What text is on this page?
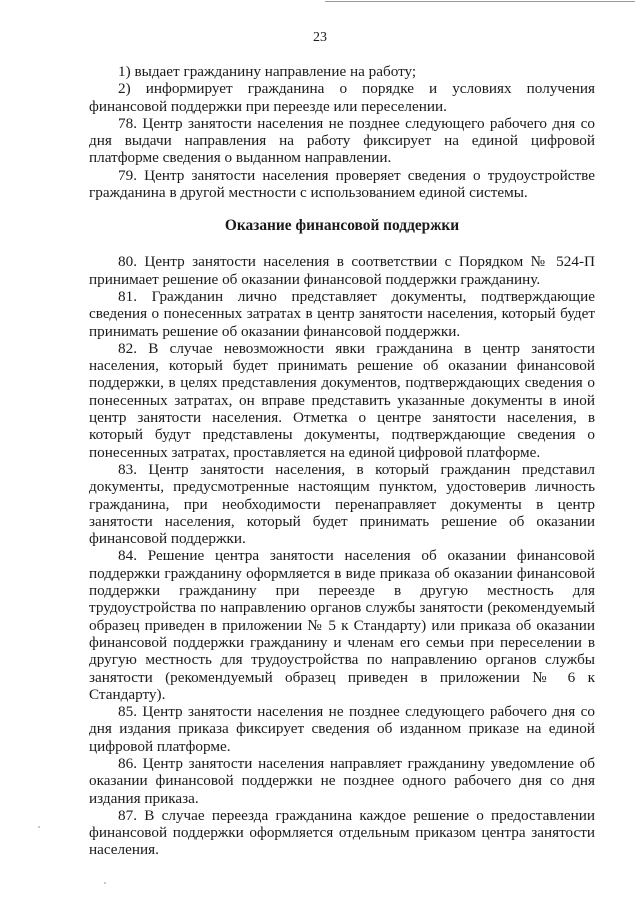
23

1) выдает гражданину направление на работу;

2) информирует гражданина о порядке и условиях получения финансовой поддержки при переезде или переселении.

78. Центр занятости населения не позднее следующего рабочего дня со дня выдачи направления на работу фиксирует на единой цифровой платформе сведения о выданном направлении.

79. Центр занятости населения проверяет сведения о трудоустройстве гражданина в другой местности с использованием единой системы.

Оказание финансовой поддержки

80. Центр занятости населения в соответствии с Порядком № 524-П принимает решение об оказании финансовой поддержки гражданину.

81. Гражданин лично представляет документы, подтверждающие сведения о понесенных затратах в центр занятости населения, который будет принимать решение об оказании финансовой поддержки.

82. В случае невозможности явки гражданина в центр занятости населения, который будет принимать решение об оказании финансовой поддержки, в целях представления документов, подтверждающих сведения о понесенных затратах, он вправе представить указанные документы в иной центр занятости населения. Отметка о центре занятости населения, в который будут представлены документы, подтверждающие сведения о понесенных затратах, проставляется на единой цифровой платформе.

83. Центр занятости населения, в который гражданин представил документы, предусмотренные настоящим пунктом, удостоверив личность гражданина, при необходимости перенаправляет документы в центр занятости населения, который будет принимать решение об оказании финансовой поддержки.

84. Решение центра занятости населения об оказании финансовой поддержки гражданину оформляется в виде приказа об оказании финансовой поддержки гражданину при переезде в другую местность для трудоустройства по направлению органов службы занятости (рекомендуемый образец приведен в приложении № 5 к Стандарту) или приказа об оказании финансовой поддержки гражданину и членам его семьи при переселении в другую местность для трудоустройства по направлению органов службы занятости (рекомендуемый образец приведен в приложении № 6 к Стандарту).

85. Центр занятости населения не позднее следующего рабочего дня со дня издания приказа фиксирует сведения об изданном приказе на единой цифровой платформе.

86. Центр занятости населения направляет гражданину уведомление об оказании финансовой поддержки не позднее одного рабочего дня со дня издания приказа.

87. В случае переезда гражданина каждое решение о предоставлении финансовой поддержки оформляется отдельным приказом центра занятости населения.
